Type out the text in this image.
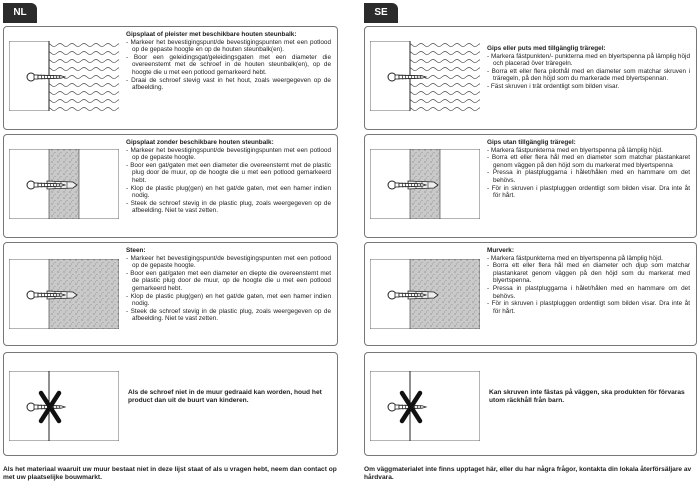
NL
Gipsplaat of pleister met beschikbare houten steunbalk:
- Markeer het bevestigingspunt/de bevestigingspunten met een potlood op de gepaste hoogte en op de houten steunbalk(en).
- Boor een geleidingsgat/geleidingsgaten met een diameter die overeenstemt met de schroef in de houten steunbalk(en), op de hoogte die u met een potlood gemarkeerd hebt.
- Draai de schroef stevig vast in het hout, zoals weergegeven op de afbeelding.
Gipsplaat zonder beschikbare houten steunbalk:
- Markeer het bevestigingspunt/de bevestigingspunten met een potlood op de gepaste hoogte.
- Boor een gat/gaten met een diameter die overeenstemt met de plastic plug door de muur, op de hoogte die u met een potlood gemarkeerd hebt.
- Klop de plastic plug(gen) en het gat/de gaten, met een hamer indien nodig.
- Steek de schroef stevig in de plastic plug, zoals weergegeven op de afbeelding. Niet te vast zetten.
Steen:
- Markeer het bevestigingspunt/de bevestigingspunten met een potlood op de gepaste hoogte.
- Boor een gat/gaten met een diameter en diepte die overeenstemt met de plastic plug door de muur, op de hoogte die u met een potlood gemarkeerd hebt.
- Klop de plastic plug(gen) en het gat/de gaten, met een hamer indien nodig.
- Steek de schroef stevig in de plastic plug, zoals weergegeven op de afbeelding. Niet te vast zetten.
Als de schroef niet in de muur gedraaid kan worden, houd het product dan uit de buurt van kinderen.
Als het materiaal waaruit uw muur bestaat niet in deze lijst staat of als u vragen hebt, neem dan contact op met uw plaatselijke bouwmarkt.
SE
Gips eller puts med tillgänglig träregel:
- Markera fästpunkten/- punkterna med en blyertspenna på lämplig höjd och placerad över träregeln.
- Borra ett eller flera pilothål med en diameter som matchar skruven i träregeln, på den höjd som du markerade med blyertspennan.
- Fäst skruven i trät ordentligt som bilden visar.
Gips utan tillgänglig träregel:
- Markera fästpunkterna med en blyertspenna på lämplig höjd.
- Borra ett eller flera hål med en diameter som matchar plastankaret genom väggen på den höjd som du markerat med blyertspenna
- Pressa in plastpluggarna i hålet/hålen med en hammare om det behövs.
- För in skruven i plastpluggen ordentligt som bilden visar. Dra inte åt för hårt.
Murverk:
- Markera fästpunkterna med en blyertspenna på lämplig höjd.
- Borra ett eller flera hål med en diameter och djup som matchar plastankaret genom väggen på den höjd som du markerat med blyertspenna.
- Pressa in plastpluggarna i hålet/hålen med en hammare om det behövs.
- För in skruven i plastpluggen ordentligt som bilden visar. Dra inte åt för hårt.
Kan skruven inte fästas på väggen, ska produkten för förvaras utom räckhåll från barn.
Om väggmaterialet inte finns upptaget här, eller du har några frågor, kontakta din lokala återförsäljare av hårdvara.
